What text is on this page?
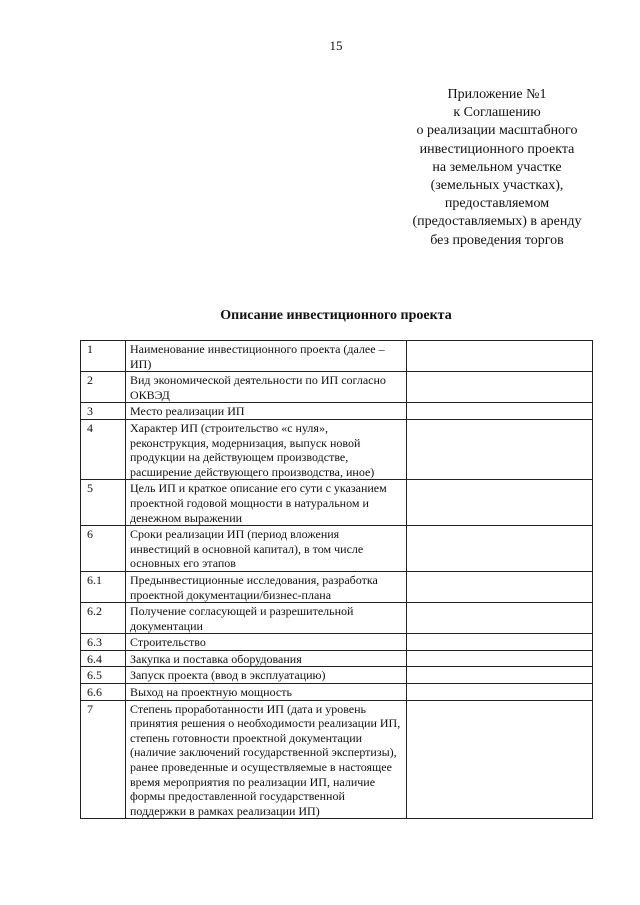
15
Приложение №1
к Соглашению
о реализации масштабного
инвестиционного проекта
на земельном участке
(земельных участках),
предоставляемом
(предоставляемых) в аренду
без проведения торгов
Описание инвестиционного проекта
1	Наименование инвестиционного проекта (далее – ИП)	
2	Вид экономической деятельности по ИП согласно ОКВЭД	
3	Место реализации ИП	
4	Характер ИП (строительство «с нуля», реконструкция, модернизация, выпуск новой продукции на действующем производстве, расширение действующего производства, иное)	
5	Цель ИП и краткое описание его сути с указанием проектной годовой мощности в натуральном и денежном выражении	
6	Сроки реализации ИП (период вложения инвестиций в основной капитал), в том числе основных его этапов	
6.1	Предынвестиционные исследования, разработка проектной документации/бизнес-плана	
6.2	Получение согласующей и разрешительной документации	
6.3	Строительство	
6.4	Закупка и поставка оборудования	
6.5	Запуск проекта (ввод в эксплуатацию)	
6.6	Выход на проектную мощность	
7	Степень проработанности ИП (дата и уровень принятия решения о необходимости реализации ИП, степень готовности проектной документации (наличие заключений государственной экспертизы), ранее проведенные и осуществляемые в настоящее время мероприятия по реализации ИП, наличие формы предоставленной государственной поддержки в рамках реализации ИП)	
